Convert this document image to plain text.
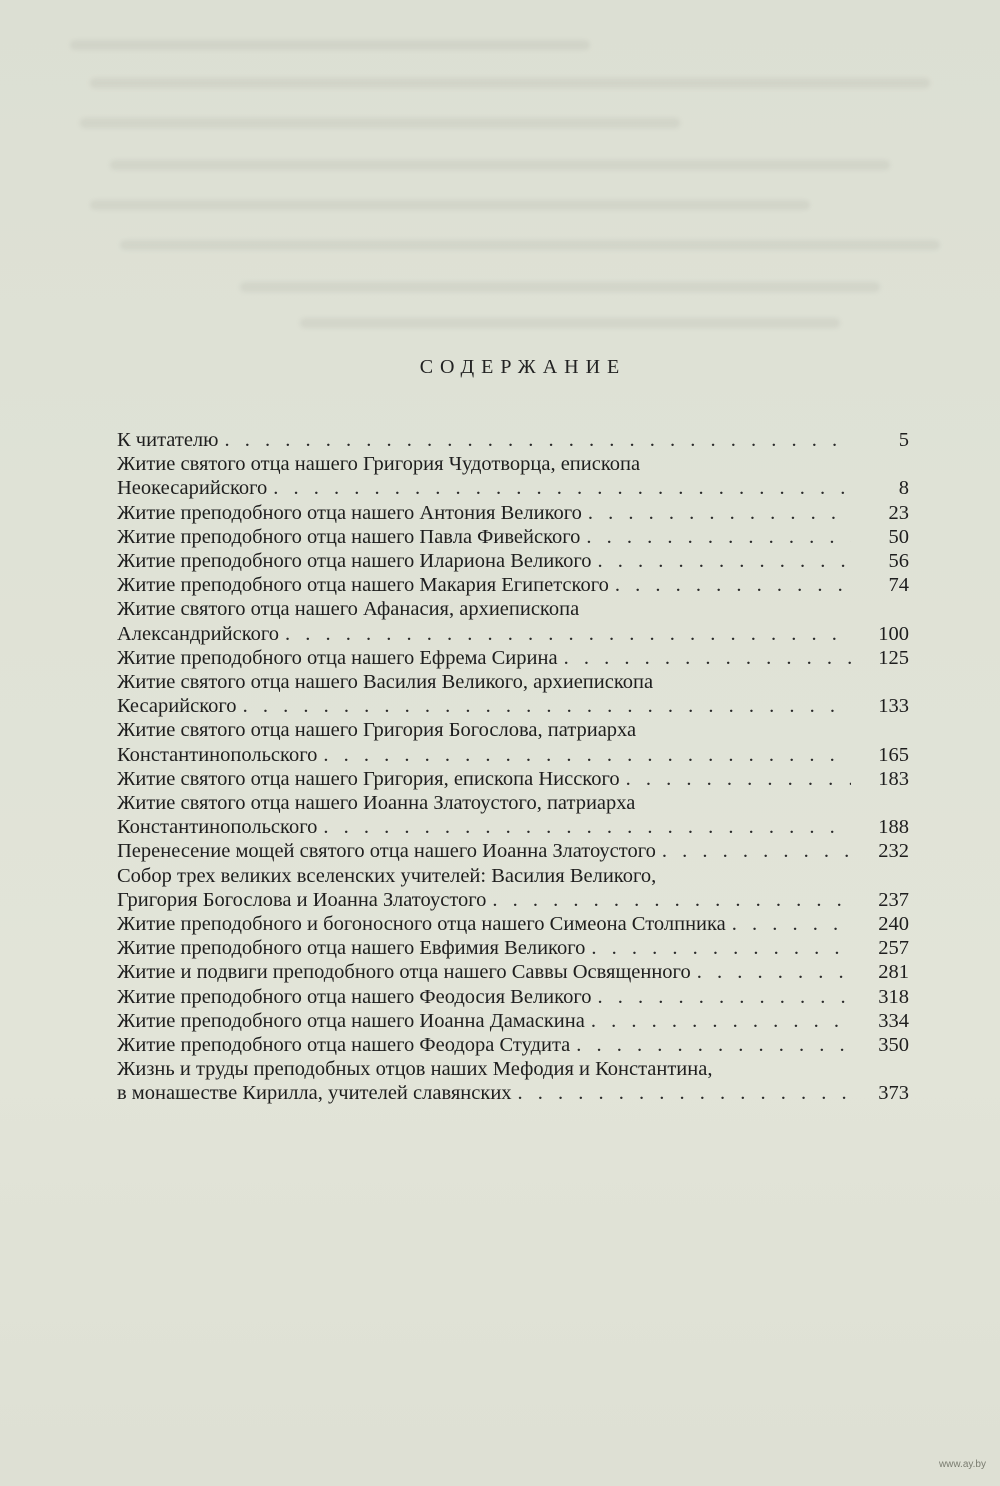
СОДЕРЖАНИЕ
К читателю . . .	5
Житие святого отца нашего Григория Чудотворца, епископа
Неокесарийского . . .	8
Житие преподобного отца нашего Антония Великого . . .	23
Житие преподобного отца нашего Павла Фивейского . . .	50
Житие преподобного отца нашего Илариона Великого . . .	56
Житие преподобного отца нашего Макария Египетского . . .	74
Житие святого отца нашего Афанасия, архиепископа
Александрийского . . .	100
Житие преподобного отца нашего Ефрема Сирина . . .	125
Житие святого отца нашего Василия Великого, архиепископа
Кесарийского . . .	133
Житие святого отца нашего Григория Богослова, патриарха
Константинопольского . . .	165
Житие святого отца нашего Григория, епископа Нисского . . .	183
Житие святого отца нашего Иоанна Златоустого, патриарха
Константинопольского . . .	188
Перенесение мощей святого отца нашего Иоанна Златоустого . . .	232
Собор трех великих вселенских учителей: Василия Великого,
Григория Богослова и Иоанна Златоустого . . .	237
Житие преподобного и богоносного отца нашего Симеона Столпника . . .	240
Житие преподобного отца нашего Евфимия Великого . . .	257
Житие и подвиги преподобного отца нашего Саввы Освященного . . .	281
Житие преподобного отца нашего Феодосия Великого . . .	318
Житие преподобного отца нашего Иоанна Дамаскина . . .	334
Житие преподобного отца нашего Феодора Студита . . .	350
Жизнь и труды преподобных отцов наших Мефодия и Константина,
в монашестве Кирилла, учителей славянских . . .	373
www.ay.by
